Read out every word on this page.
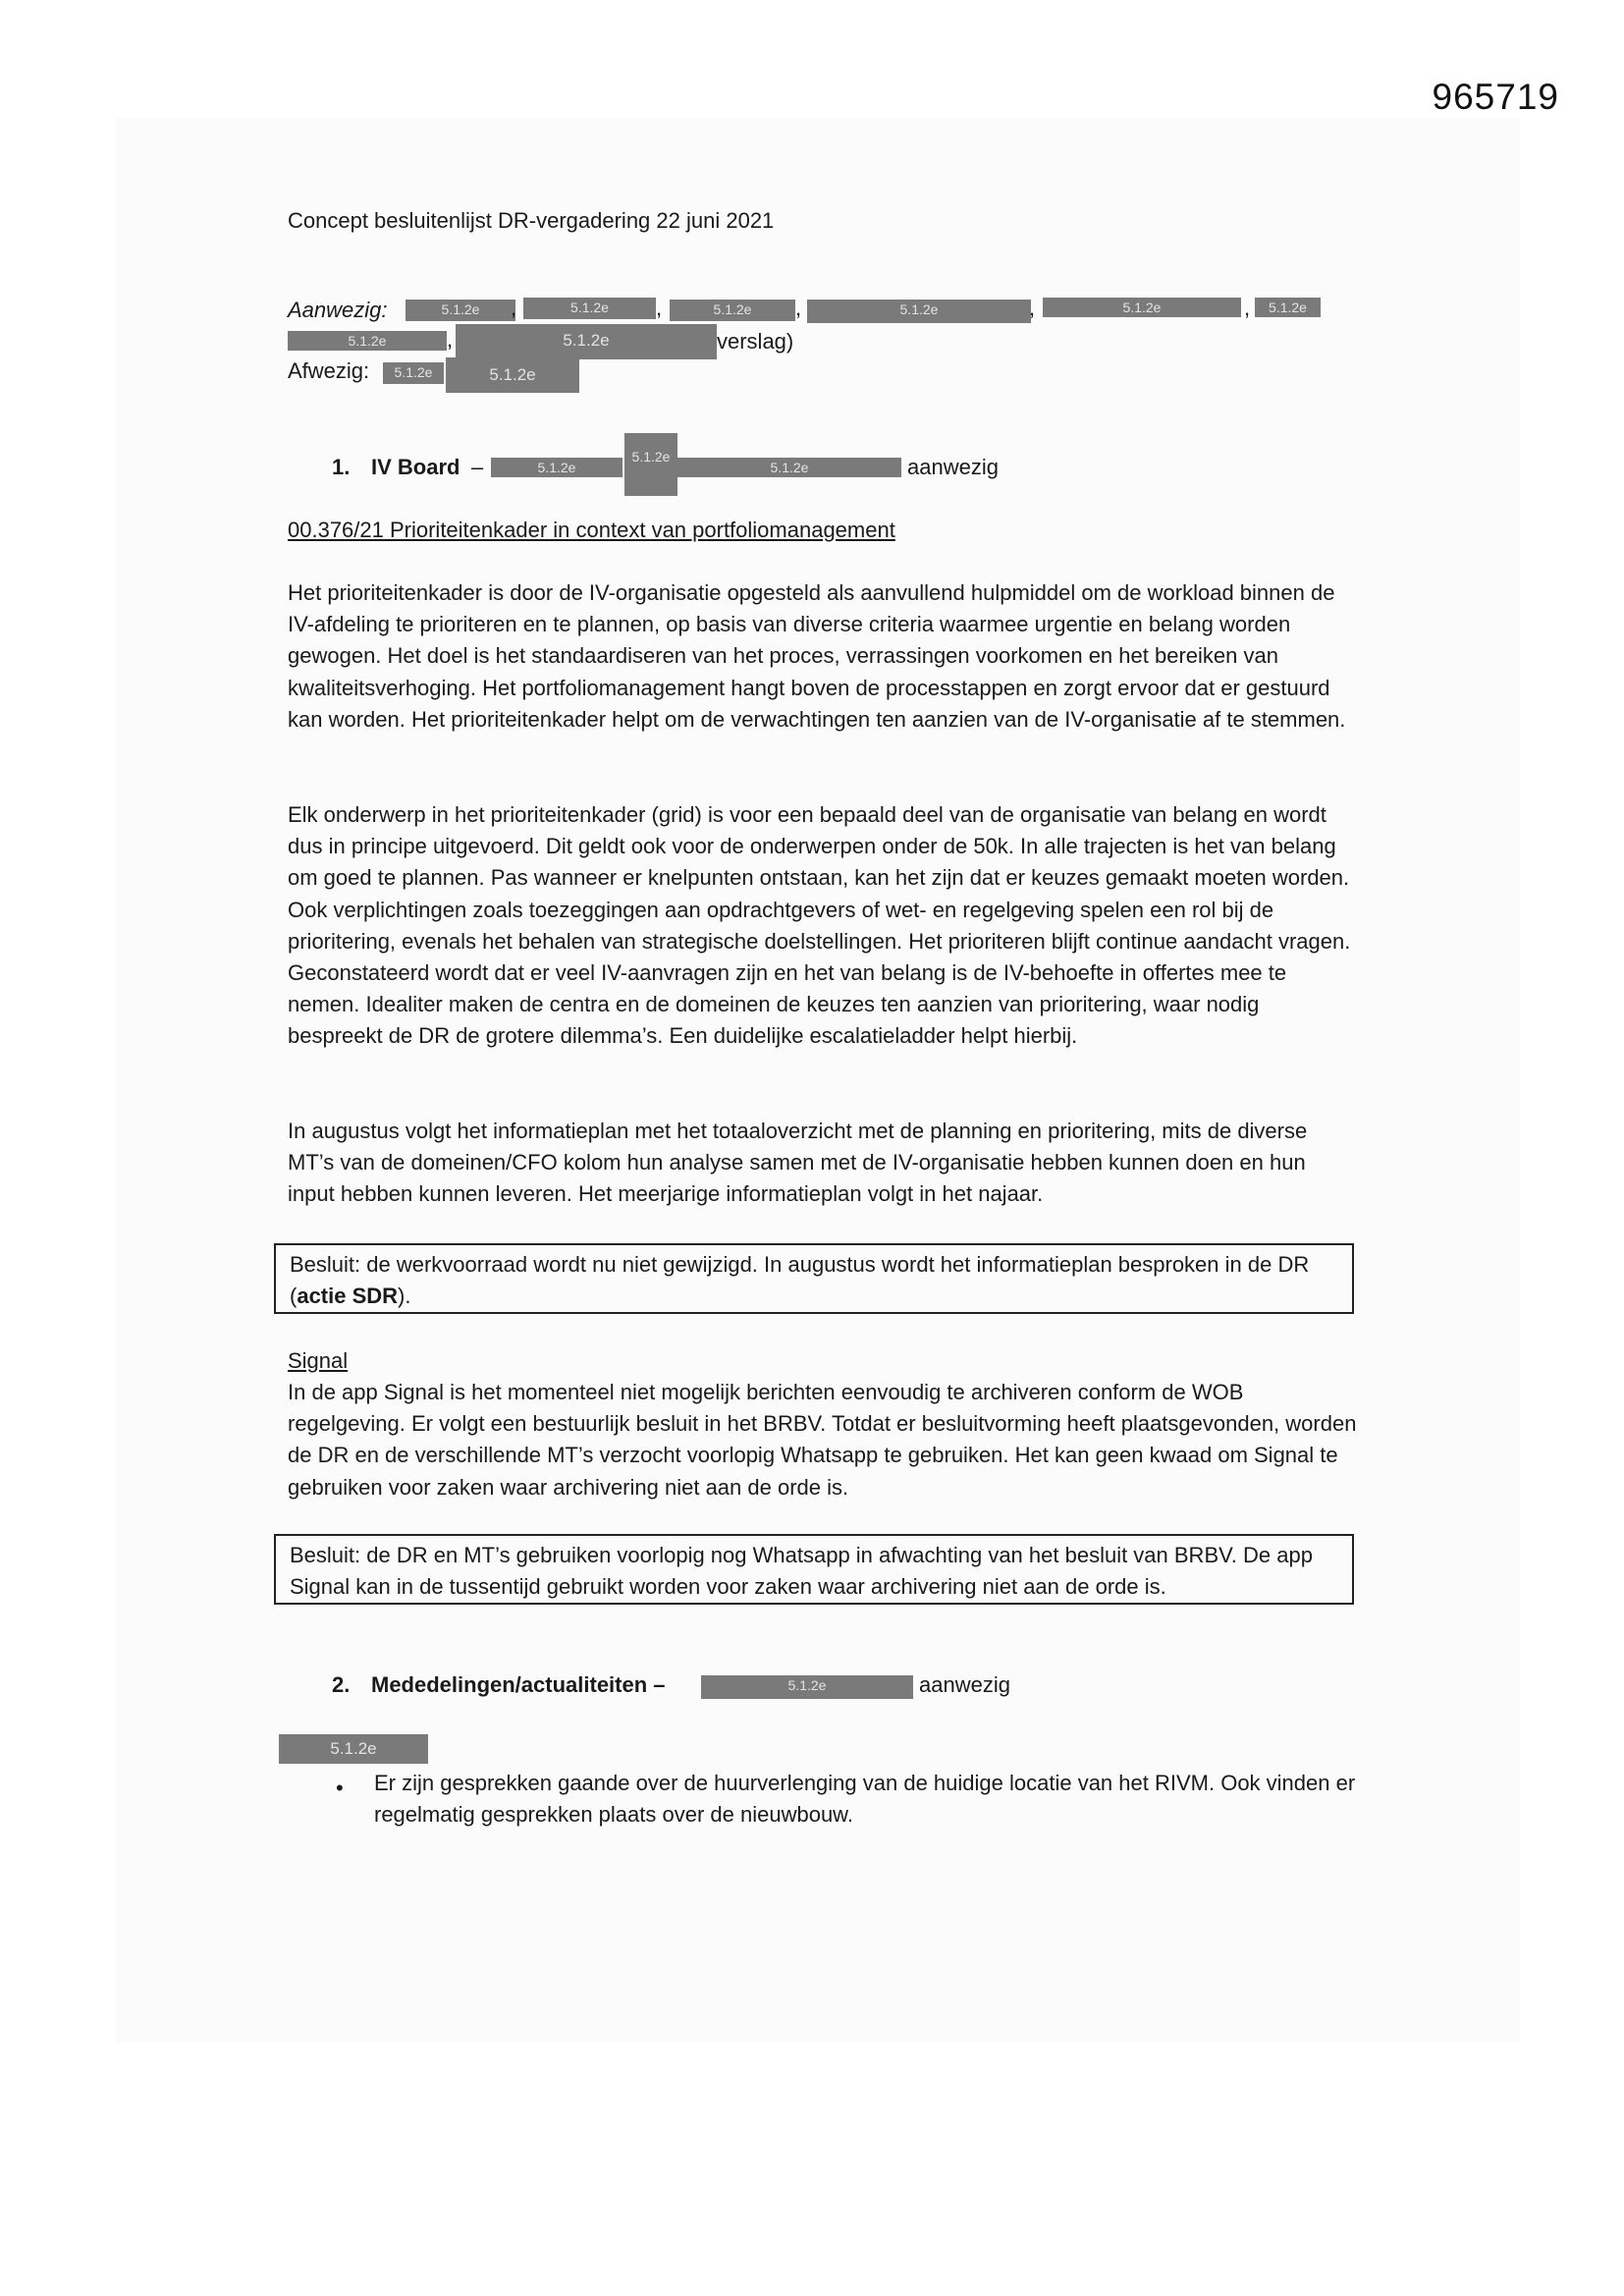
965719
Concept besluitenlijst DR-vergadering 22 juni 2021
Aanwezig:	5.1.2e	,	5.1.2e	,	5.1.2e	,	5.1.2e	,	5.1.2e	,	5.1.2e
5.1.2e	,	5.1.2e	verslag)
Afwezig:	5.1.2e	5.1.2e
1. IV Board –	5.1.2e
5.1.2e
5.1.2e	aanwezig
00.376/21 Prioriteitenkader in context van portfoliomanagement
Het prioriteitenkader is door de IV-organisatie opgesteld als aanvullend hulpmiddel om de workload binnen de IV-afdeling te prioriteren en te plannen, op basis van diverse criteria waarmee urgentie en belang worden gewogen. Het doel is het standaardiseren van het proces, verrassingen voorkomen en het bereiken van kwaliteitsverhoging. Het portfoliomanagement hangt boven de processtappen en zorgt ervoor dat er gestuurd kan worden. Het prioriteitenkader helpt om de verwachtingen ten aanzien van de IV-organisatie af te stemmen.
Elk onderwerp in het prioriteitenkader (grid) is voor een bepaald deel van de organisatie van belang en wordt dus in principe uitgevoerd. Dit geldt ook voor de onderwerpen onder de 50k. In alle trajecten is het van belang om goed te plannen. Pas wanneer er knelpunten ontstaan, kan het zijn dat er keuzes gemaakt moeten worden. Ook verplichtingen zoals toezeggingen aan opdrachtgevers of wet- en regelgeving spelen een rol bij de prioritering, evenals het behalen van strategische doelstellingen. Het prioriteren blijft continue aandacht vragen. Geconstateerd wordt dat er veel IV-aanvragen zijn en het van belang is de IV-behoefte in offertes mee te nemen. Idealiter maken de centra en de domeinen de keuzes ten aanzien van prioritering, waar nodig bespreekt de DR de grotere dilemma’s. Een duidelijke escalatieladder helpt hierbij.
In augustus volgt het informatieplan met het totaaloverzicht met de planning en prioritering, mits de diverse MT’s van de domeinen/CFO kolom hun analyse samen met de IV-organisatie hebben kunnen doen en hun input hebben kunnen leveren. Het meerjarige informatieplan volgt in het najaar.
Besluit: de werkvoorraad wordt nu niet gewijzigd. In augustus wordt het informatieplan besproken in de DR (actie SDR).
Signal
In de app Signal is het momenteel niet mogelijk berichten eenvoudig te archiveren conform de WOB regelgeving. Er volgt een bestuurlijk besluit in het BRBV. Totdat er besluitvorming heeft plaatsgevonden, worden de DR en de verschillende MT’s verzocht voorlopig Whatsapp te gebruiken. Het kan geen kwaad om Signal te gebruiken voor zaken waar archivering niet aan de orde is.
Besluit: de DR en MT’s gebruiken voorlopig nog Whatsapp in afwachting van het besluit van BRBV. De app Signal kan in de tussentijd gebruikt worden voor zaken waar archivering niet aan de orde is.
2. Mededelingen/actualiteiten –	5.1.2e	aanwezig
5.1.2e
• Er zijn gesprekken gaande over de huurverlenging van de huidige locatie van het RIVM. Ook vinden er regelmatig gesprekken plaats over de nieuwbouw.
